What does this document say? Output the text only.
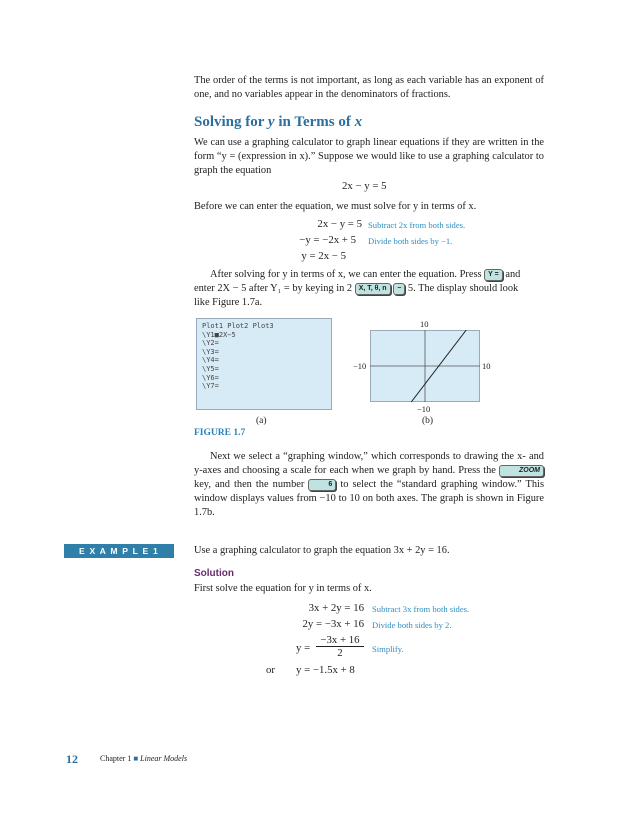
The order of the terms is not important, as long as each variable has an exponent of one, and no variables appear in the denominators of fractions.
Solving for y in Terms of x
We can use a graphing calculator to graph linear equations if they are written in the form “y = (expression in x).” Suppose we would like to use a graphing calculator to graph the equation
2x − y = 5
Before we can enter the equation, we must solve for y in terms of x.
2x − y = 5 Subtract 2x from both sides.
−y = −2x + 5 Divide both sides by −1.
y = 2x − 5
After solving for y in terms of x, we can enter the equation. Press Y = and
enter 2X − 5 after Y₁ = by keying in 2 X, T, θ, n − 5. The display should look
like Figure 1.7a.
Plot1 Plot2 Plot3
\Y1■2X−5
\Y2=
\Y3=
\Y4=
\Y5=
\Y6=
\Y7=
10
−10
−10	10
(a)	(b)
FIGURE 1.7
Next we select a “graphing window,” which corresponds to drawing the x- and y-axes and choosing a scale for each when we graph by hand. Press the	ZOOM key, and then the number	6 to select the “standard graphing window.” This window displays values from −10 to 10 on both axes. The graph is shown in Figure 1.7b.
E X A M P L E 1	Use a graphing calculator to graph the equation 3x + 2y = 16.
Solution
First solve the equation for y in terms of x.
3x + 2y = 16 Subtract 3x from both sides.
2y = −3x + 16 Divide both sides by 2.
$y = \frac{-3x + 16}{2}$ Simplify.
or y = −1.5x + 8
12	Chapter 1 ■ Linear Models
